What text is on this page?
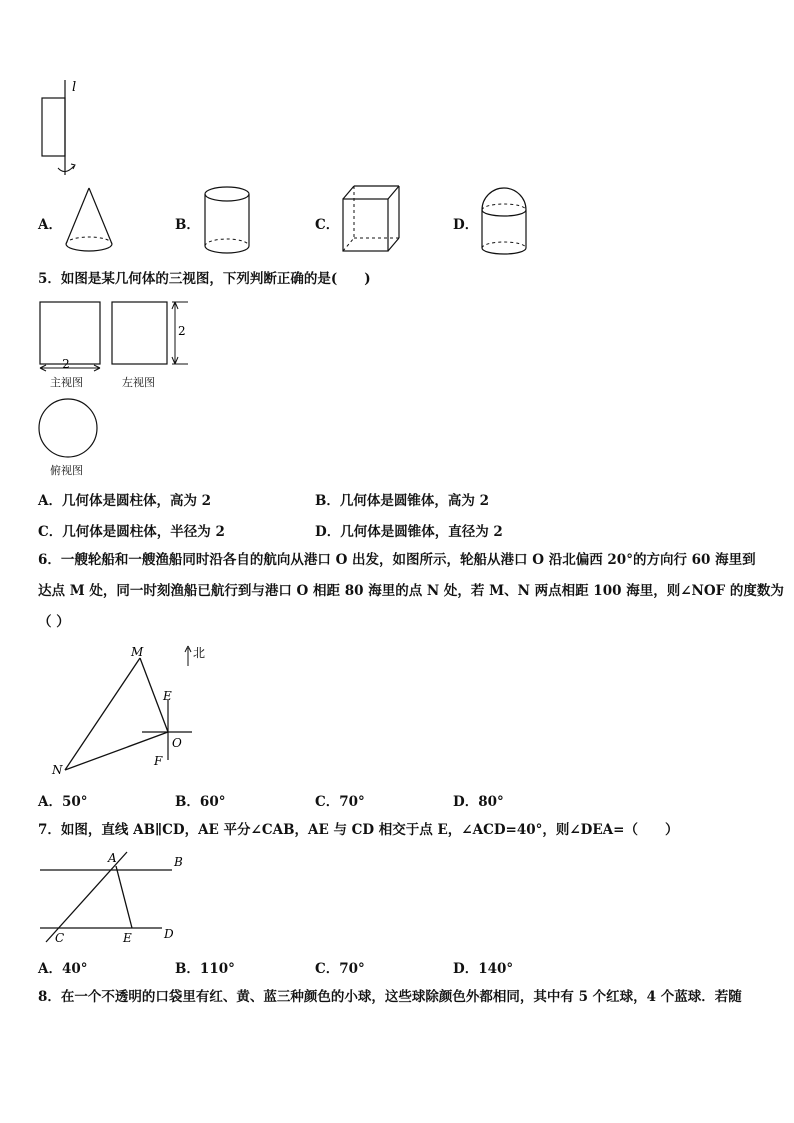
l
A．	B．	C．	D．
5．如图是某几何体的三视图，下列判断正确的是(　　)
2
2
主视图	左视图
俯视图
A．几何体是圆柱体，高为 2	B．几何体是圆锥体，高为 2
C．几何体是圆柱体，半径为 2	D．几何体是圆锥体，直径为 2
6．一艘轮船和一艘渔船同时沿各自的航向从港口 O 出发，如图所示，轮船从港口 O 沿北偏西 20°的方向行 60 海里到
达点 M 处，同一时刻渔船已航行到与港口 O 相距 80 海里的点 N 处，若 M、N 两点相距 100 海里，则∠NOF 的度数为
（ ）
M
N
E
O
F
北
A．50°	B．60°	C．70°	D．80°
7．如图，直线 AB∥CD，AE 平分∠CAB，AE 与 CD 相交于点 E，∠ACD=40°，则∠DEA=（　　）
A	B
C	D
E
A．40°	B．110°	C．70°	D．140°
8．在一个不透明的口袋里有红、黄、蓝三种颜色的小球，这些球除颜色外都相同，其中有 5 个红球，4 个蓝球．若随
